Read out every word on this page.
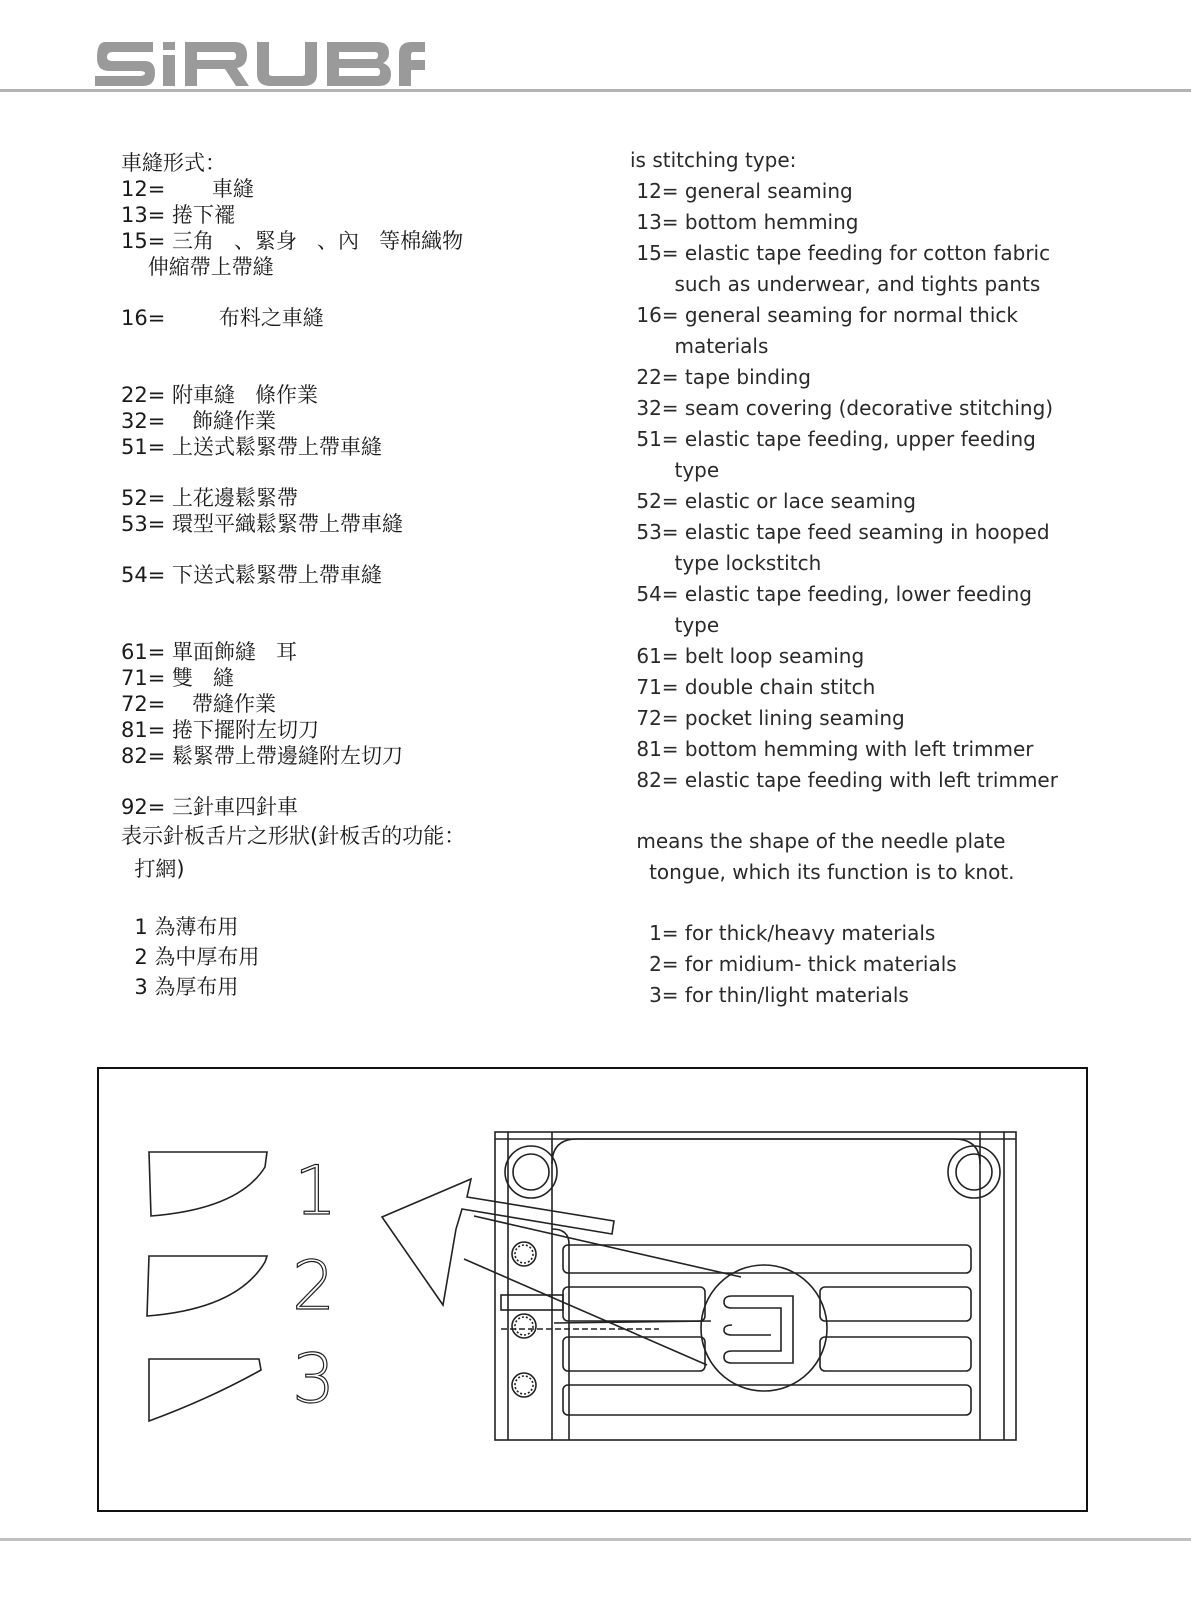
車縫形式：
12=       車縫
13= 捲下襬
15= 三角   、緊身   、內   等棉織物
伸縮帶上帶縫
16=        布料之車縫
22= 附車縫   條作業
32=    飾縫作業
51= 上送式鬆緊帶上帶車縫
52= 上花邊鬆緊帶
53= 環型平織鬆緊帶上帶車縫
54= 下送式鬆緊帶上帶車縫
61= 單面飾縫   耳
71= 雙   縫
72=    帶縫作業
81= 捲下擺附左切刀
82= 鬆緊帶上帶邊縫附左切刀
92= 三針車四針車
表示針板舌片之形狀(針板舌的功能：
打網)
1 為薄布用
2 為中厚布用
3 為厚布用
is stitching type:
12= general seaming
13= bottom hemming
15= elastic tape feeding for cotton fabric
such as underwear, and tights pants
16= general seaming for normal thick
materials
22= tape binding
32= seam covering (decorative stitching)
51= elastic tape feeding, upper feeding
type
52= elastic or lace seaming
53= elastic tape feed seaming in hooped
type lockstitch
54= elastic tape feeding, lower feeding
type
61= belt loop seaming
71= double chain stitch
72= pocket lining seaming
81= bottom hemming with left trimmer
82= elastic tape feeding with left trimmer
means the shape of the needle plate
tongue, which its function is to knot.
1= for thick/heavy materials
2= for midium- thick materials
3= for thin/light materials
1
2
3
